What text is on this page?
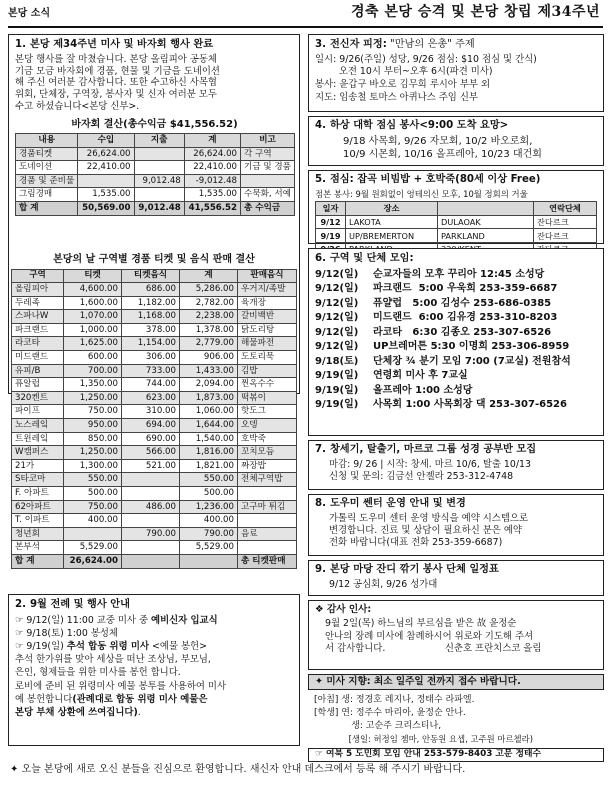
본당 소식	경축 본당 승격 및 본당 창립 제34주년
1. 본당 제34주년 미사 및 바자회 행사 완료

본당 행사를 잘 마쳤습니다. 본당 올림피아 공동체

기금 모금 바자회에 경품, 현물 및 기금을 도네이션

해 주신 여러분 감사합니다. 또한 수고하신 사목협

위회, 단체장, 구역장, 봉사자 및 신자 여러분 모두

수고 하셨습니다<본당 신부>.

바자회 결산(총수익금 $41,556.52)
내용	수입	지출	계	비고
경품티켓	26,624.00		26,624.00	각 구역
도네이션	22,410.00		22,410.00	기금 및 경품
경품 및 준비물		9,012.48	-9,012.48	
그림경매	1,535.00		1,535.00	수묵화, 서예
합 계	50,569.00	9,012.48	41,556.52	총 수익금
본당의 날 구역별 경품 티켓 및 음식 판매 결산
구역	티켓	티켓음식	계	판매음식
올림피아	4,600.00	686.00	5,286.00	우거지/족발
두레족	1,600.00	1,182.00	2,782.00	육개장
스파나W	1,070.00	1,168.00	2,238.00	갈비백반
파크랜드	1,000.00	378.00	1,378.00	닭도리탕
라코타	1,625.00	1,154.00	2,779.00	해물파전
미드랜드	600.00	306.00	906.00	도토리묵
유피/B	700.00	733.00	1,433.00	김밥
퓨알럽	1,350.00	744.00	2,094.00	찐옥수수
320켄트	1,250.00	623.00	1,873.00	떡볶이
파이프	750.00	310.00	1,060.00	핫도그
노스레잌	950.00	694.00	1,644.00	오뎅
트윈레잌	850.00	690.00	1,540.00	호박죽
W캠퍼스	1,250.00	566.00	1,816.00	꼬치모듬
21가	1,300.00	521.00	1,821.00	짜장밥
S타코마	550.00		550.00	전체구역밥
F. 아파트	500.00		500.00	
62아파트	750.00	486.00	1,236.00	고구마 튀김
T. 이파트	400.00		400.00	
청년회		790.00	790.00	음료
본부석	5,529.00		5,529.00	
합 계	26,624.00			총 티켓판매
2. 9월 전례 및 행사 안내

☞ 9/12(일) 11:00 교중 미사 중 예비신자 입교식

☞ 9/18(토) 1:00 봉성체

☞ 9/19(일) 추석 합동 위령 미사 <예물 봉헌>

추석 한가위를 맞아 세상을 떠난 조상님, 부모님,

은인, 형제들을 위한 미사를 봉헌 합니다.

로비에 준비 된 위령미사 예물 봉투를 사용하여 미사

예 봉헌합니다(관례대로 합동 위령 미사 예물은

본당 부채 상환에 쓰여집니다).

3. 전신자 피정: "만남의 은총" 주제

일시: 9/26(주일) 성당, 9/26 점심: $10 점심 및 간식)

오전 10시 부터~오후 6시(파견 미사)

봉사: 윤갑구 바오로 김무희 루시아 부부 외

지도: 임송철 토마스 아퀴나스 주임 신부

4. 하상 대학 점심 봉사<9:00 도착 요망>

9/18 사목회, 9/26 자모회, 10/2 바오로회,

10/9 시몬회, 10/16 올프레아, 10/23 대건회

5. 점심: 잡곡 비빔밥 + 호박죽(80세 이상 Free)
점본 봉사: 9월 원회없이 엉테의신 모후, 10월 정회의 거울
일자	장소		연락단체
9/12	LAKOTA	DULAOAK	잔다르크
9/19	UP/BREMERTON	PARKLAND	잔다르크

6. 구역 및 단체 모임:
9/12(일)	순교자들의 모후 꾸리아 12:45 소성당
9/12(일)	파크랜드  5:00 우욱희 253-359-6687
9/12(일)	퓨얄럽   5:00 김성수 253-686-0385
9/12(일)	미드랜드  6:00 김유경 253-310-8203
9/12(일)	라코타   6:30 김종오 253-307-6526
9/12(일)	UP브레머튼 5:30 이명희 253-306-8959
9/18(토)	단체장 ¾ 분기 모임 7:00 (7교실) 전원참석
9/19(일)	연령회 미사 후 7교실
9/19(일)	올프레아 1:00 소성당
9/19(일)	사목회 1:00 사목회장 댁 253-307-6526
7. 창세기, 탈출기, 마르코 그룹 성경 공부반 모집

마감: 9/ 26 | 시작: 창세. 마르 10/6, 탈출 10/13

신청 및 문의: 김금선 안젤라 253-312-4748

8. 도우미 쎈터 운영 안내 및 변경

가톨릭 도우미 센터 운영 방식을 예약 시스템으로

변경합니다. 진료 및 상담이 필요하신 분은 예약

전화 바랍니다(대표 전화 253-359-6687)

9. 본당 마당 잔디 깎기 봉사 단체 일정표

9/12 공심회, 9/26 성가대

❖ 감사 인사:

9월 2일(목) 하느님의 부르심을 받은 故 윤정순

안나의 장례 미사에 참례하시어 위로와 기도해 주셔

서 감사합니다.                    신춘호 프란치스코 올림

✦ 미사 지향: 최소 일주일 전까지 접수 바랍니다.

[아침] 생: 정경호 레지나, 정태수 라파엘.

[학생] 연: 정주수 마리아, 윤정순 안나.

생: 고순주 크리스티나,

[생일: 허정임 젬마, 안동원 요셉, 고주원 마르첼라)

☞ 여북 5 도민회 모임 안내 253-579-8403 고문 정태수
✦ 오늘 본당에 새로 오신 분들을 진심으로 환영합니다. 새신자 안내 데스크에서 등록 해 주시기 바랍니다.
